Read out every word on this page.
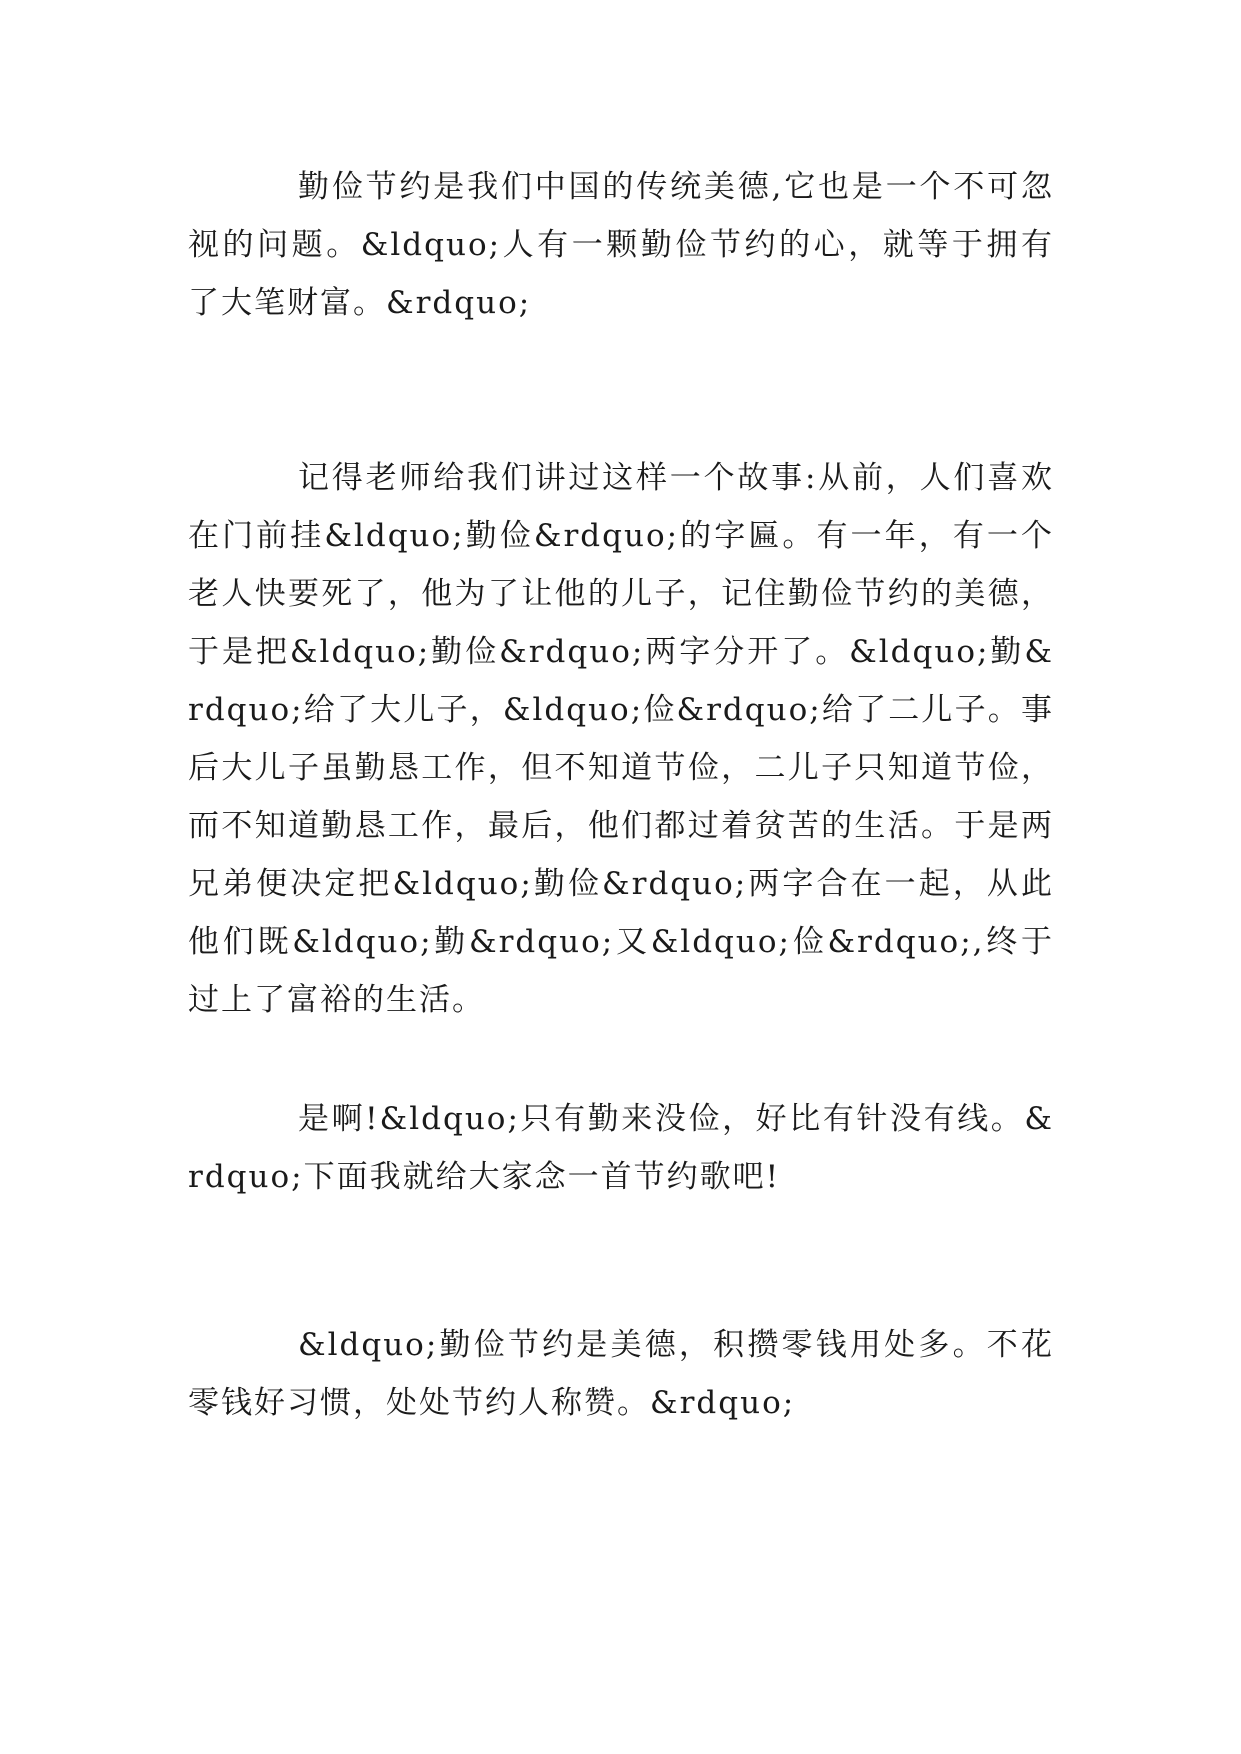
勤俭节约是我们中国的传统美德,它也是一个不可忽视的问题。&ldquo;人有一颗勤俭节约的心，就等于拥有了大笔财富。&rdquo;

记得老师给我们讲过这样一个故事:从前，人们喜欢在门前挂&ldquo;勤俭&rdquo;的字匾。有一年，有一个老人快要死了，他为了让他的儿子，记住勤俭节约的美德，于是把&ldquo;勤俭&rdquo;两字分开了。&ldquo;勤&rdquo;给了大儿子，&ldquo;俭&rdquo;给了二儿子。事后大儿子虽勤恳工作，但不知道节俭，二儿子只知道节俭，而不知道勤恳工作，最后，他们都过着贫苦的生活。于是两兄弟便决定把&ldquo;勤俭&rdquo;两字合在一起，从此他们既&ldquo;勤&rdquo;又&ldquo;俭&rdquo;,终于过上了富裕的生活。

是啊!&ldquo;只有勤来没俭，好比有针没有线。&rdquo;下面我就给大家念一首节约歌吧!

&ldquo;勤俭节约是美德，积攒零钱用处多。不花零钱好习惯，处处节约人称赞。&rdquo;
